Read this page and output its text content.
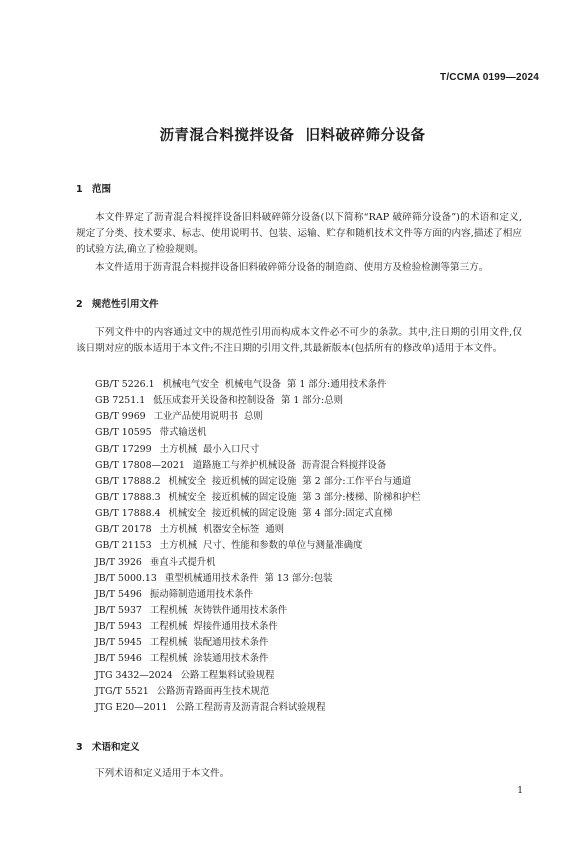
T/CCMA 0199—2024
沥青混合料搅拌设备  旧料破碎筛分设备
1 范围
本文件界定了沥青混合料搅拌设备旧料破碎筛分设备(以下简称“RAP 破碎筛分设备”)的术语和定义,规定了分类、技术要求、标志、使用说明书、包装、运输、贮存和随机技术文件等方面的内容,描述了相应的试验方法,确立了检验规则。
本文件适用于沥青混合料搅拌设备旧料破碎筛分设备的制造商、使用方及检验检测等第三方。
2 规范性引用文件
下列文件中的内容通过文中的规范性引用而构成本文件必不可少的条款。其中,注日期的引用文件,仅该日期对应的版本适用于本文件;不注日期的引用文件,其最新版本(包括所有的修改单)适用于本文件。
GB/T 5226.1 机械电气安全  机械电气设备  第 1 部分:通用技术条件
GB 7251.1 低压成套开关设备和控制设备  第 1 部分:总则
GB/T 9969 工业产品使用说明书  总则
GB/T 10595 带式输送机
GB/T 17299 土方机械  最小入口尺寸
GB/T 17808—2021 道路施工与养护机械设备  沥青混合料搅拌设备
GB/T 17888.2 机械安全  接近机械的固定设施  第 2 部分:工作平台与通道
GB/T 17888.3 机械安全  接近机械的固定设施  第 3 部分:楼梯、阶梯和护栏
GB/T 17888.4 机械安全  接近机械的固定设施  第 4 部分:固定式直梯
GB/T 20178 土方机械  机器安全标签  通则
GB/T 21153 土方机械  尺寸、性能和参数的单位与测量准确度
JB/T 3926 垂直斗式提升机
JB/T 5000.13 重型机械通用技术条件  第 13 部分:包装
JB/T 5496 振动筛制造通用技术条件
JB/T 5937 工程机械  灰铸铁件通用技术条件
JB/T 5943 工程机械  焊接件通用技术条件
JB/T 5945 工程机械  装配通用技术条件
JB/T 5946 工程机械  涂装通用技术条件
JTG 3432—2024 公路工程集料试验规程
JTG/T 5521 公路沥青路面再生技术规范
JTG E20—2011 公路工程沥青及沥青混合料试验规程
3 术语和定义
下列术语和定义适用于本文件。
1
